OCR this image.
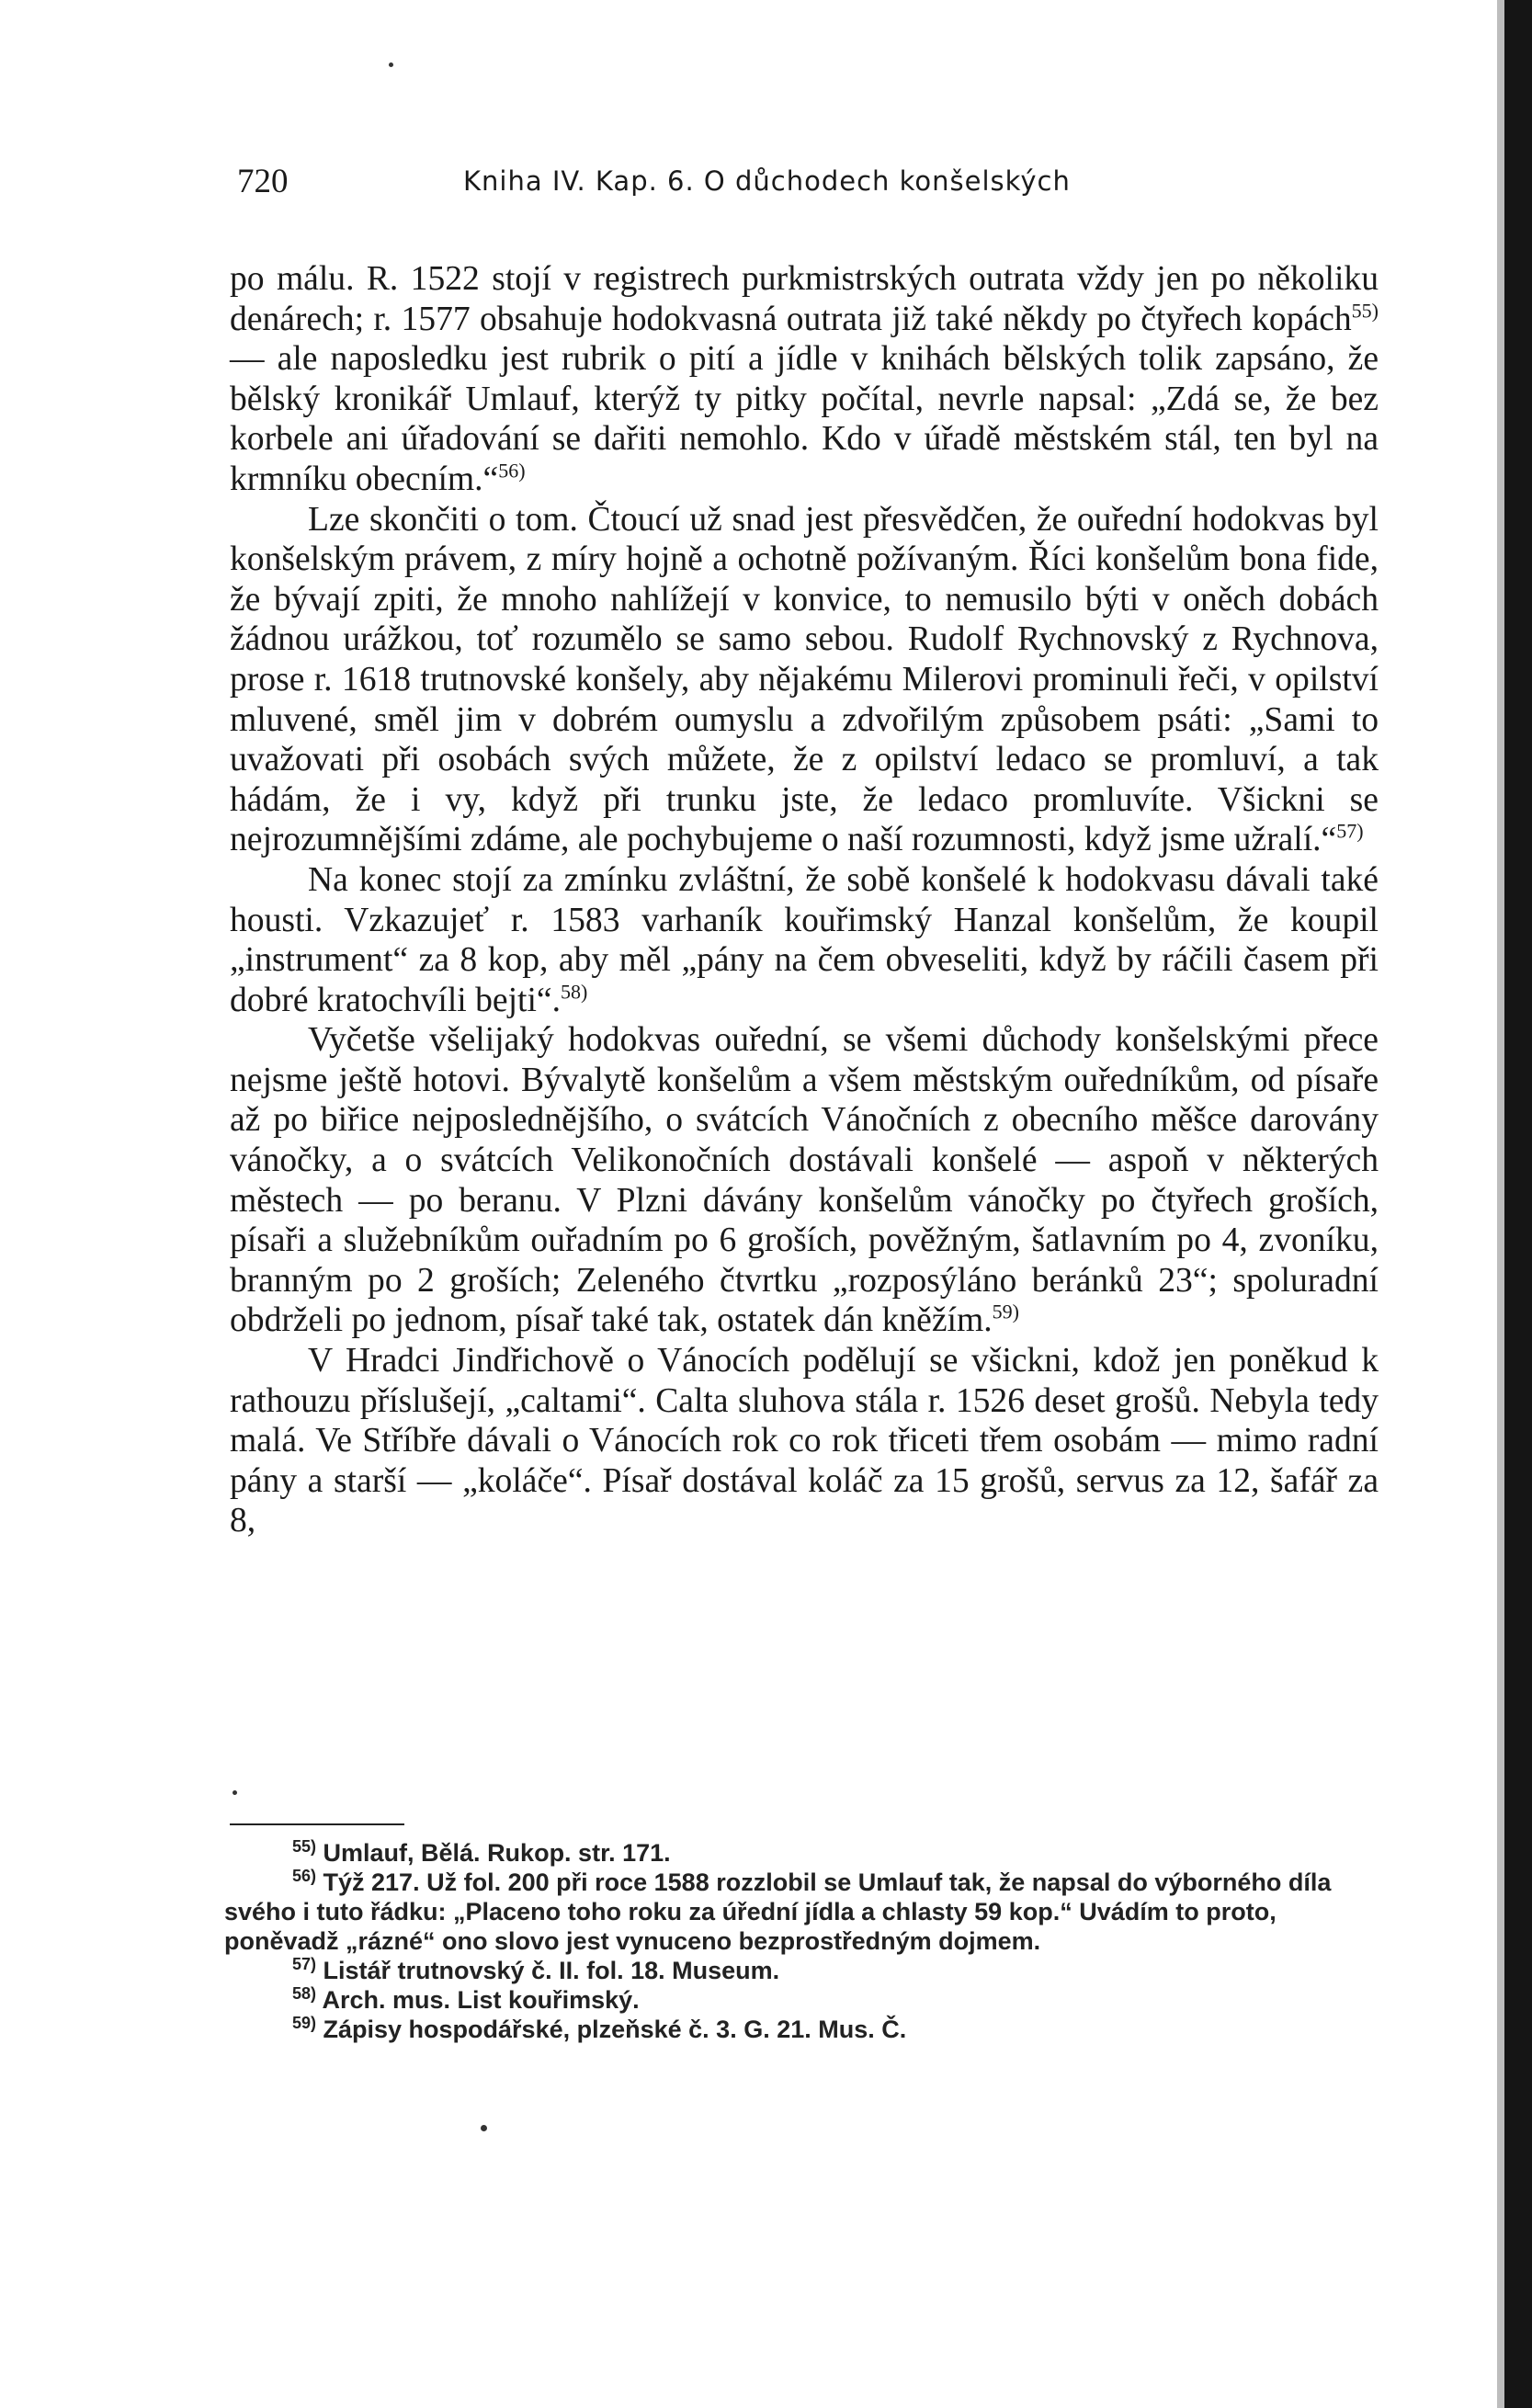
720	Kniha IV. Kap. 6. O důchodech konšelských

po málu. R. 1522 stojí v registrech purkmistrských outrata vždy jen po několiku denárech; r. 1577 obsahuje hodokvasná outrata již také někdy po čtyřech kopách$^{55)}$ — ale naposledku jest rubrik o pití a jídle v knihách bělských tolik zapsáno, že bělský kronikář Umlauf, kterýž ty pitky počítal, nevrle napsal: „Zdá se, že bez korbele ani úřadování se dařiti nemohlo. Kdo v úřadě městském stál, ten byl na krmníku obecním.“$^{56)}$

Lze skončiti o tom. Čtoucí už snad jest přesvědčen, že ouřední hodokvas byl konšelským právem, z míry hojně a ochotně požívaným. Říci konšelům bona fide, že bývají zpiti, že mnoho nahlížejí v konvice, to nemusilo býti v oněch dobách žádnou urážkou, toť rozumělo se samo sebou. Rudolf Rychnovský z Rychnova, prose r. 1618 trutnovské konšely, aby nějakému Milerovi prominuli řeči, v opilství mluvené, směl jim v dobrém oumyslu a zdvořilým způsobem psáti: „Sami to uvažovati při osobách svých můžete, že z opilství ledaco se promluví, a tak hádám, že i vy, když při trunku jste, že ledaco promluvíte. Všickni se nejrozumnějšími zdáme, ale pochybujeme o naší rozumnosti, když jsme užralí.“$^{57)}$

Na konec stojí za zmínku zvláštní, že sobě konšelé k hodokvasu dávali také housti. Vzkazujeť r. 1583 varhaník kouřimský Hanzal konšelům, že koupil „instrument“ za 8 kop, aby měl „pány na čem obveseliti, když by ráčili časem při dobré kratochvíli bejti“.$^{58)}$

Vyčetše všelijaký hodokvas ouřední, se všemi důchody konšelskými přece nejsme ještě hotovi. Bývalytě konšelům a všem městským ouředníkům, od písaře až po biřice nejposlednějšího, o svátcích Vánočních z obecního měšce darovány vánočky, a o svátcích Velikonočních dostávali konšelé — aspoň v některých městech — po beranu. V Plzni dávány konšelům vánočky po čtyřech groších, písaři a služebníkům ouřadním po 6 groších, pověžným, šatlavním po 4, zvoníku, branným po 2 groších; Zeleného čtvrtku „rozposýláno beránků 23“; spoluradní obdrželi po jednom, písař také tak, ostatek dán kněžím.$^{59)}$

V Hradci Jindřichově o Vánocích podělují se všickni, kdož jen poněkud k rathouzu příslušejí, „caltami“. Calta sluhova stála r. 1526 deset grošů. Nebyla tedy malá. Ve Stříbře dávali o Vánocích rok co rok třiceti třem osobám — mimo radní pány a starší — „koláče“. Písař dostával koláč za 15 grošů, servus za 12, šafář za 8,

$^{55)}$ Umlauf, Bělá. Rukop. str. 171.

$^{56)}$ Týž 217. Už fol. 200 při roce 1588 rozzlobil se Umlauf tak, že napsal do výborného díla svého i tuto řádku: „Placeno toho roku za úřední jídla a chlasty 59 kop.“ Uvádím to proto, poněvadž „rázné“ ono slovo jest vynuceno bezprostředným dojmem.

$^{57)}$ Listář trutnovský č. II. fol. 18. Museum.

$^{58)}$ Arch. mus. List kouřimský.

$^{59)}$ Zápisy hospodářské, plzeňské č. 3. G. 21. Mus. Č.
